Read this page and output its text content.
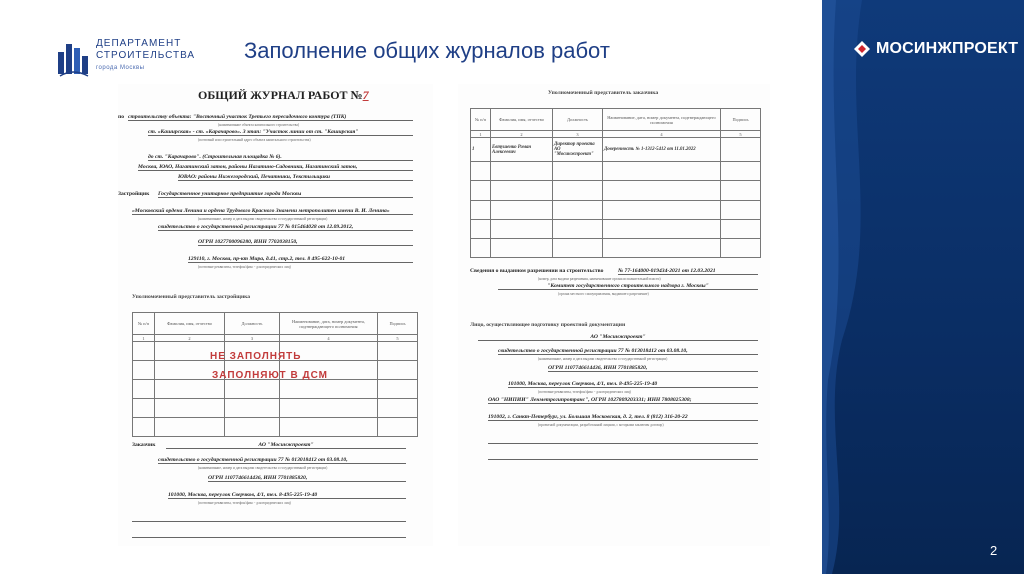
МОСИНЖПРОЕКТ
2
ДЕПАРТАМЕНТ
СТРОИТЕЛЬСТВА
города Москвы
Заполнение общих журналов работ
ОБЩИЙ ЖУРНАЛ РАБОТ №7
по строительству объекта: "Восточный участок Третьего пересадочного контура (ТПК)
(наименование объекта капитального строительства)
ст. «Каширская» - ст. «Карачарово». 3 этап: "Участок линии от ст. "Каширская"
(почтовый или строительный адрес объекта капитального строительства)
до ст. "Карачарово". (Строительная площадка № 6).
Москва, ЮАО, Нагатинский затон, районы Нагатино-Садовники, Нагатинский затон,
ЮВАО: районы Нижегородский, Печатники, Текстильщики
Застройщик Государственное унитарное предприятие города Москвы
«Московский ордена Ленина и ордена Трудового Красного Знамени метрополитен имени В. И. Ленина»
(наименование, номер и дата выдачи свидетельства о государственной регистрации)
свидетельство о государственной регистрации 77 № 015464028 от 12.09.2012,
ОГРН 1027700096280, ИНН 7702038150,
129110, г. Москва, пр-кт Мира, д.41, стр.2, тел. 8 495-622-10-01
(почтовые реквизиты, телефон/факс - для юридических лиц)
Уполномоченный представитель застройщика
№ п/п	Фамилия, имя, отчество	Должность	Наименование, дата, номер документа, подтверждающего полномочия	Подпись
1	2	3	4	5

НЕ ЗАПОЛНЯТЬ
ЗАПОЛНЯЮТ В ДСМ
Заказчик	АО "Мосинжпроект"
свидетельство о государственной регистрации 77 № 013018412 от 03.08.10,
(наименование, номер и дата выдачи свидетельства о государственной регистрации)
ОГРН 1107746614436, ИНН 7701885820,
101000, Москва, переулок Сверчков, 4/1, тел. 8-495-225-19-40
(почтовые реквизиты, телефон/факс - для юридических лиц)
Уполномоченный представитель заказчика
№ п/п	Фамилия, имя, отчество	Должность	Наименование, дата, номер документа, подтверждающего полномочия	Подпись
1	2	3	4	5
1	Евтушенко Роман Алексеевич	Директор проекта АО "Мосинжпроект"	Доверенность № 1-1312-5412 от 11.01.2022	

Сведения о выданном разрешении на строительство	№ 77-164000-019434-2021 от 12.03.2021
(номер, дата выдачи разрешения, наименование органа исполнительной власти)
"Комитет государственного строительного надзора г. Москвы"
(органа местного самоуправления, выдавшего разрешение)
Лицо, осуществляющее подготовку проектной документации
АО "Мосинжпроект"
свидетельство о государственной регистрации 77 № 013018412 от 03.08.10,
(наименование, номер и дата выдачи свидетельства о государственной регистрации)
ОГРН 1107746614436, ИНН 7701885820,
101000, Москва, переулок Сверчков, 4/1, тел. 8-495-225-19-40
(почтовые реквизиты, телефон/факс - для юридических лиц)
ОАО "НИПИИ" Ленметрогипротранс", ОГРН 1027809203331; ИНН 7808025308;
191002, г. Санкт-Петербург, ул. Большая Московская, д. 2, тел. 8 (812) 316-20-22
(проектной документации, разработанной лицами, с которыми заключен договор)
